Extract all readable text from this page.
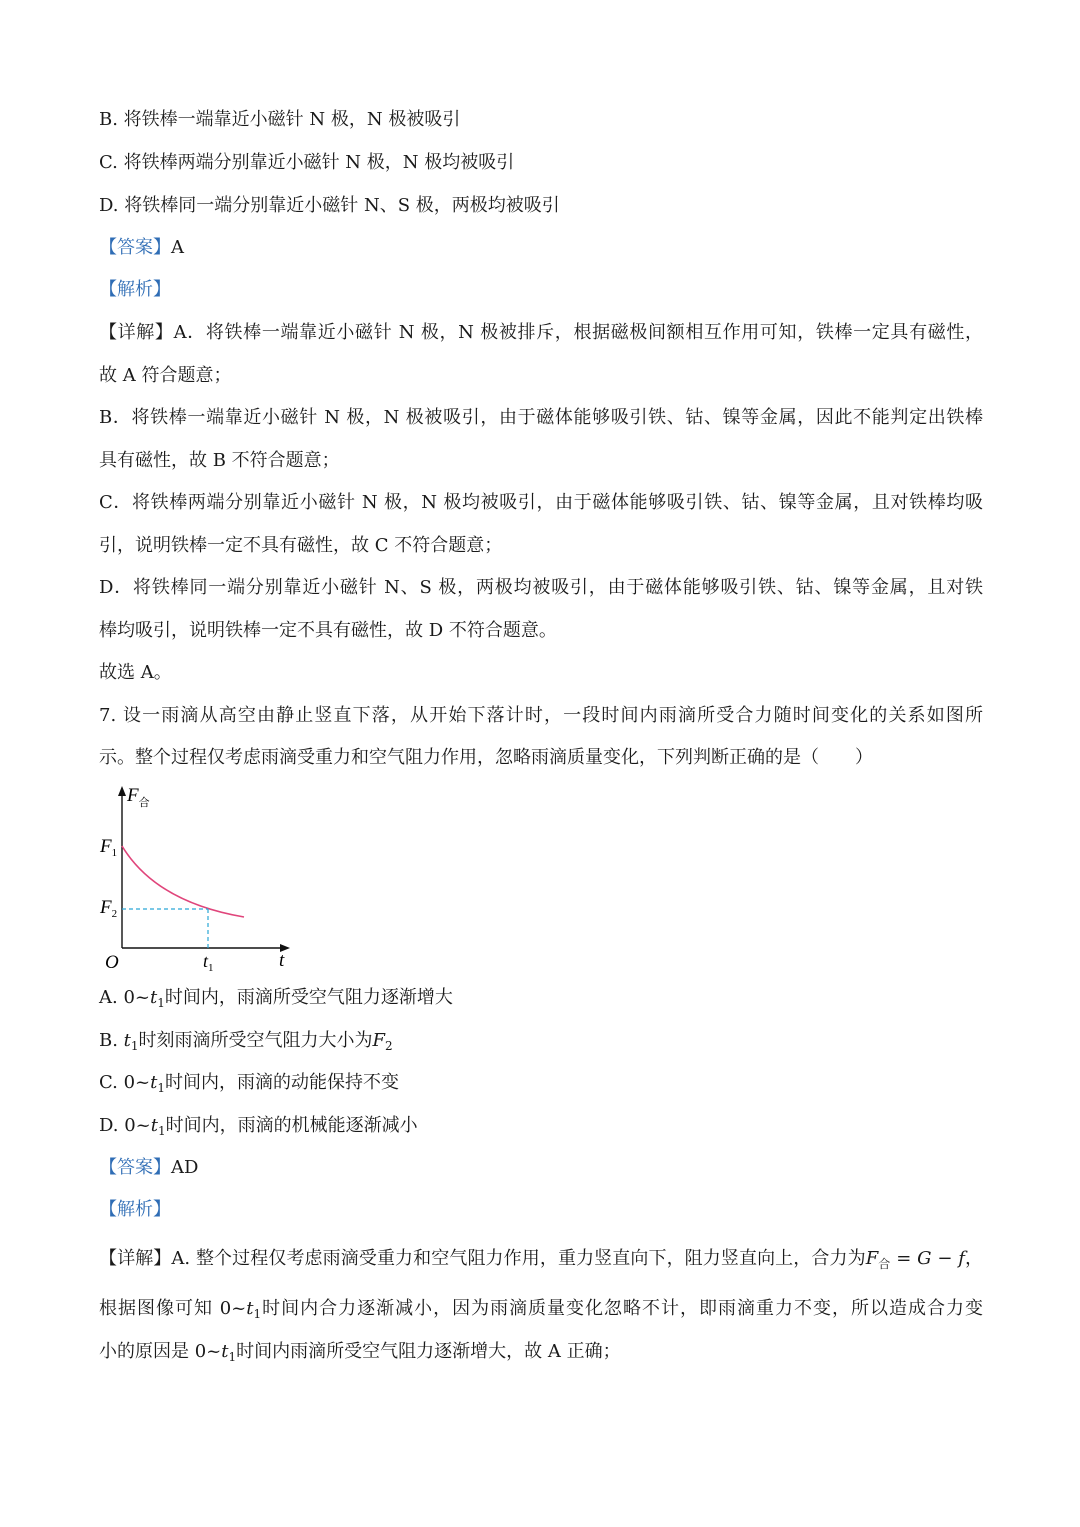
B. 将铁棒一端靠近小磁针 N 极，N 极被吸引
C. 将铁棒两端分别靠近小磁针 N 极，N 极均被吸引
D. 将铁棒同一端分别靠近小磁针 N、S 极，两极均被吸引
【答案】A
【解析】
【详解】A．将铁棒一端靠近小磁针 N 极，N 极被排斥，根据磁极间额相互作用可知，铁棒一定具有磁性，
故 A 符合题意；
B．将铁棒一端靠近小磁针 N 极，N 极被吸引，由于磁体能够吸引铁、钴、镍等金属，因此不能判定出铁棒
具有磁性，故 B 不符合题意；
C．将铁棒两端分别靠近小磁针 N 极，N 极均被吸引，由于磁体能够吸引铁、钴、镍等金属，且对铁棒均吸
引，说明铁棒一定不具有磁性，故 C 不符合题意；
D．将铁棒同一端分别靠近小磁针 N、S 极，两极均被吸引，由于磁体能够吸引铁、钴、镍等金属，且对铁
棒均吸引，说明铁棒一定不具有磁性，故 D 不符合题意。
故选 A。
7. 设一雨滴从高空由静止竖直下落，从开始下落计时，一段时间内雨滴所受合力随时间变化的关系如图所
示。整个过程仅考虑雨滴受重力和空气阻力作用，忽略雨滴质量变化，下列判断正确的是（　　）
$F_合$
$F_1$
$F_2$
O	$t_1$	t
A. $0\sim t_1$时间内，雨滴所受空气阻力逐渐增大
B. $t_1$时刻雨滴所受空气阻力大小为$F_2$
C. $0\sim t_1$时间内，雨滴的动能保持不变
D. $0\sim t_1$时间内，雨滴的机械能逐渐减小
【答案】AD
【解析】
【详解】A. 整个过程仅考虑雨滴受重力和空气阻力作用，重力竖直向下，阻力竖直向上，合力为$F_合 = G - f$，
根据图像可知 $0\sim t_1$时间内合力逐渐减小，因为雨滴质量变化忽略不计，即雨滴重力不变，所以造成合力变
小的原因是 $0\sim t_1$时间内雨滴所受空气阻力逐渐增大，故 A 正确；
